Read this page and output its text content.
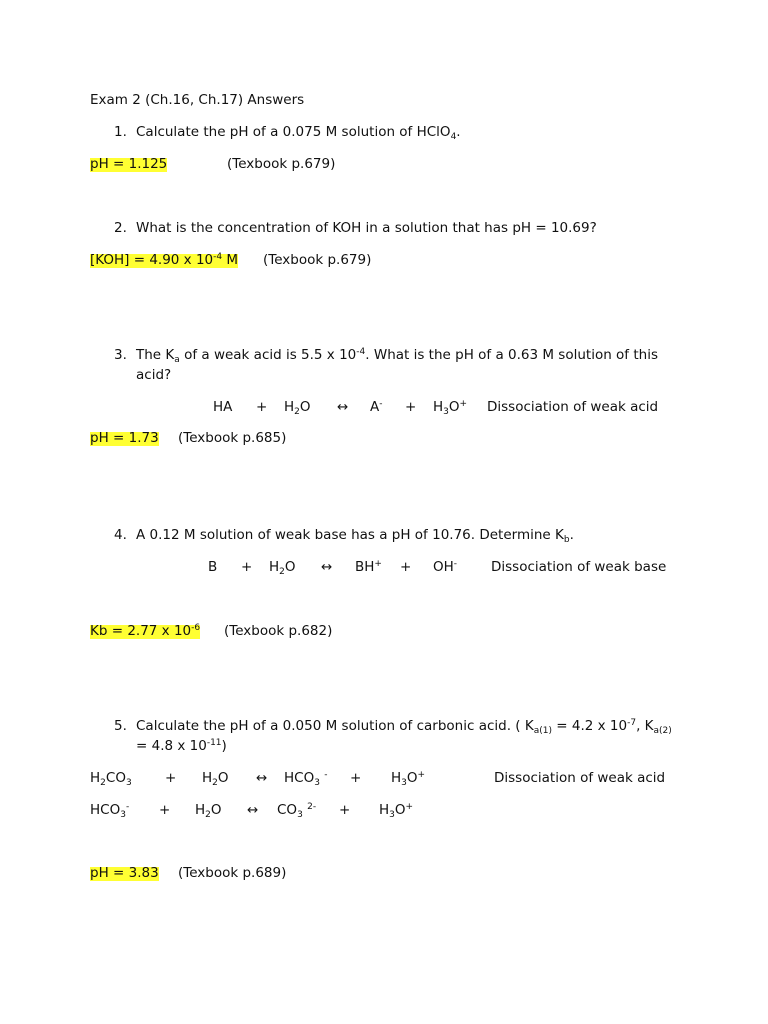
Exam 2 (Ch.16, Ch.17) Answers
1. Calculate the pH of a 0.075 M solution of HClO$_4$.
pH = 1.125	(Texbook p.679)
2. What is the concentration of KOH in a solution that has pH = 10.69?
[KOH] = 4.90 x $10^{-4}$ M (Texbook p.679)
3. The $K_a$ of a weak acid is 5.5 x $10^{-4}$. What is the pH of a 0.63 M solution of this
acid?
HA + $H_2O$ ↔ $A^- + H_3O^+$ Dissociation of weak acid
pH = 1.73 (Texbook p.685)
4. A 0.12 M solution of weak base has a pH of 10.76. Determine $K_b$.
$B + H_2O$ ↔ BH+ + OH-	Dissociation of weak base
Kb = 2.77 x $10^{-6}$ (Texbook p.682)
5. Calculate the pH of a 0.050 M solution of carbonic acid. ( $K_{a(1)} = 4.2$ x $10^{-7}$, $K_{a(2)}$
= 4.8 x $10^{-11}$)
$H_2CO_3 + H_2O$ ↔ $HCO_3$ $^- + H_3O^+$	Dissociation of weak acid
$HCO_3^- + H_2O$ ↔ $CO_3$ $^{2-} + H_3O^+$
pH = 3.83 (Texbook p.689)
